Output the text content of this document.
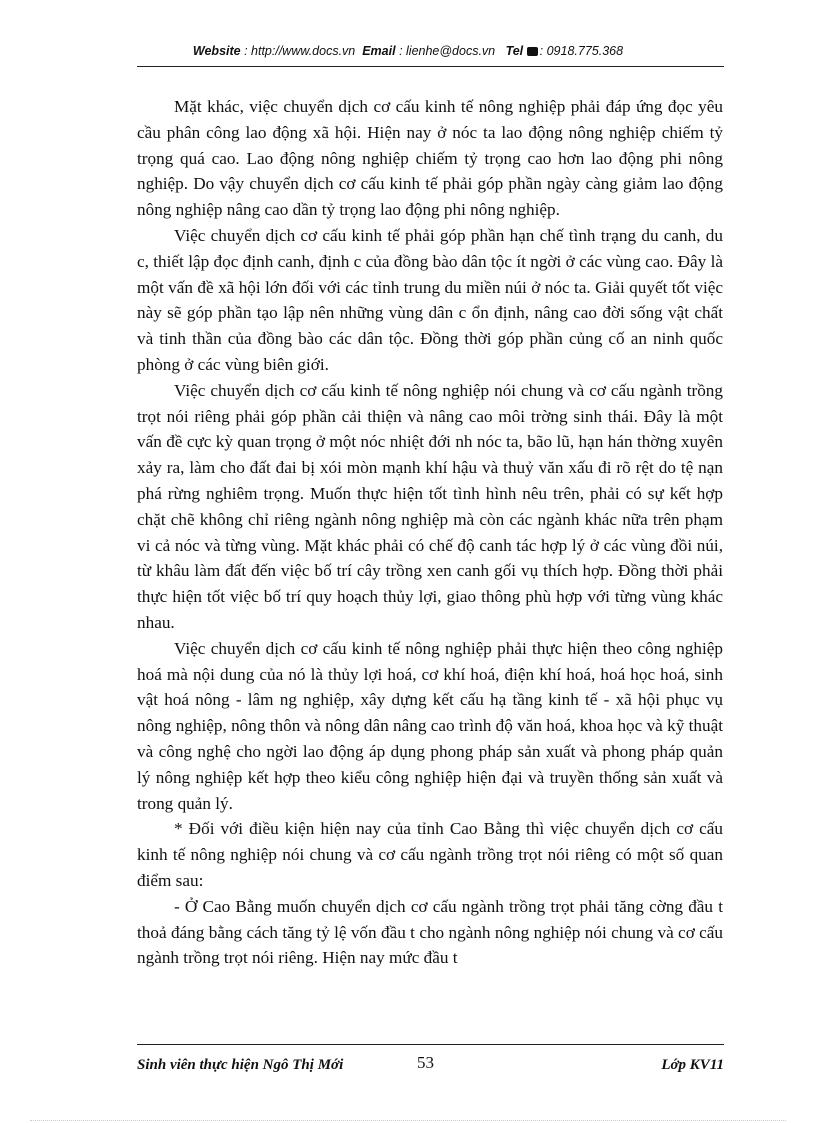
Website : http://www.docs.vn Email : lienhe@docs.vn Tel : 0918.775.368

Mặt khác, việc chuyển dịch cơ cấu kinh tế nông nghiệp phải đáp ứng đọc yêu cầu phân công lao động xã hội. Hiện nay ở nóc ta lao động nông nghiệp chiếm tỷ trọng quá cao. Lao động nông nghiệp chiếm tỷ trọng cao hơn lao động phi nông nghiệp. Do vậy chuyển dịch cơ cấu kinh tế phải góp phần ngày càng giảm lao động nông nghiệp nâng cao dần tỷ trọng lao động phi nông nghiệp.

Việc chuyển dịch cơ cấu kinh tế phải góp phần hạn chế tình trạng du canh, du c, thiết lập đọc định canh, định c của đồng bào dân tộc ít ngời ở các vùng cao. Đây là một vấn đề xã hội lớn đối với các tỉnh trung du miền núi ở nóc ta. Giải quyết tốt việc này sẽ góp phần tạo lập nên những vùng dân c ổn định, nâng cao đời sống vật chất và tinh thần của đồng bào các dân tộc. Đồng thời góp phần củng cố an ninh quốc phòng ở các vùng biên giới.

Việc chuyển dịch cơ cấu kinh tế nông nghiệp nói chung và cơ cấu ngành trồng trọt nói riêng phải góp phần cải thiện và nâng cao môi trờng sinh thái. Đây là một vấn đề cực kỳ quan trọng ở một nóc nhiệt đới nh nóc ta, bão lũ, hạn hán thờng xuyên xảy ra, làm cho đất đai bị xói mòn mạnh khí hậu và thuỷ văn xấu đi rõ rệt do tệ nạn phá rừng nghiêm trọng. Muốn thực hiện tốt tình hình nêu trên, phải có sự kết hợp chặt chẽ không chỉ riêng ngành nông nghiệp mà còn các ngành khác nữa trên phạm vi cả nóc và từng vùng. Mặt khác phải có chế độ canh tác hợp lý ở các vùng đồi núi, từ khâu làm đất đến việc bố trí cây trồng xen canh gối vụ thích hợp. Đồng thời phải thực hiện tốt việc bố trí quy hoạch thủy lợi, giao thông phù hợp với từng vùng khác nhau.

Việc chuyển dịch cơ cấu kinh tế nông nghiệp phải thực hiện theo công nghiệp hoá mà nội dung của nó là thủy lợi hoá, cơ khí hoá, điện khí hoá, hoá học hoá, sinh vật hoá nông - lâm ng nghiệp, xây dựng kết cấu hạ tầng kinh tế - xã hội phục vụ nông nghiệp, nông thôn và nông dân nâng cao trình độ văn hoá, khoa học và kỹ thuật và công nghệ cho ngời lao động áp dụng phong pháp sản xuất và phong pháp quản lý nông nghiệp kết hợp theo kiểu công nghiệp hiện đại và truyền thống sản xuất và trong quản lý.

* Đối với điều kiện hiện nay của tỉnh Cao Bằng thì việc chuyển dịch cơ cấu kinh tế nông nghiệp nói chung và cơ cấu ngành trồng trọt nói riêng có một số quan điểm sau:

- Ở Cao Bằng muốn chuyển dịch cơ cấu ngành trồng trọt phải tăng cờng đầu t thoả đáng bằng cách tăng tỷ lệ vốn đầu t cho ngành nông nghiệp nói chung và cơ cấu ngành trồng trọt nói riêng. Hiện nay mức đầu t

Sinh viên thực hiện Ngô Thị Mới	53	Lớp KV11
